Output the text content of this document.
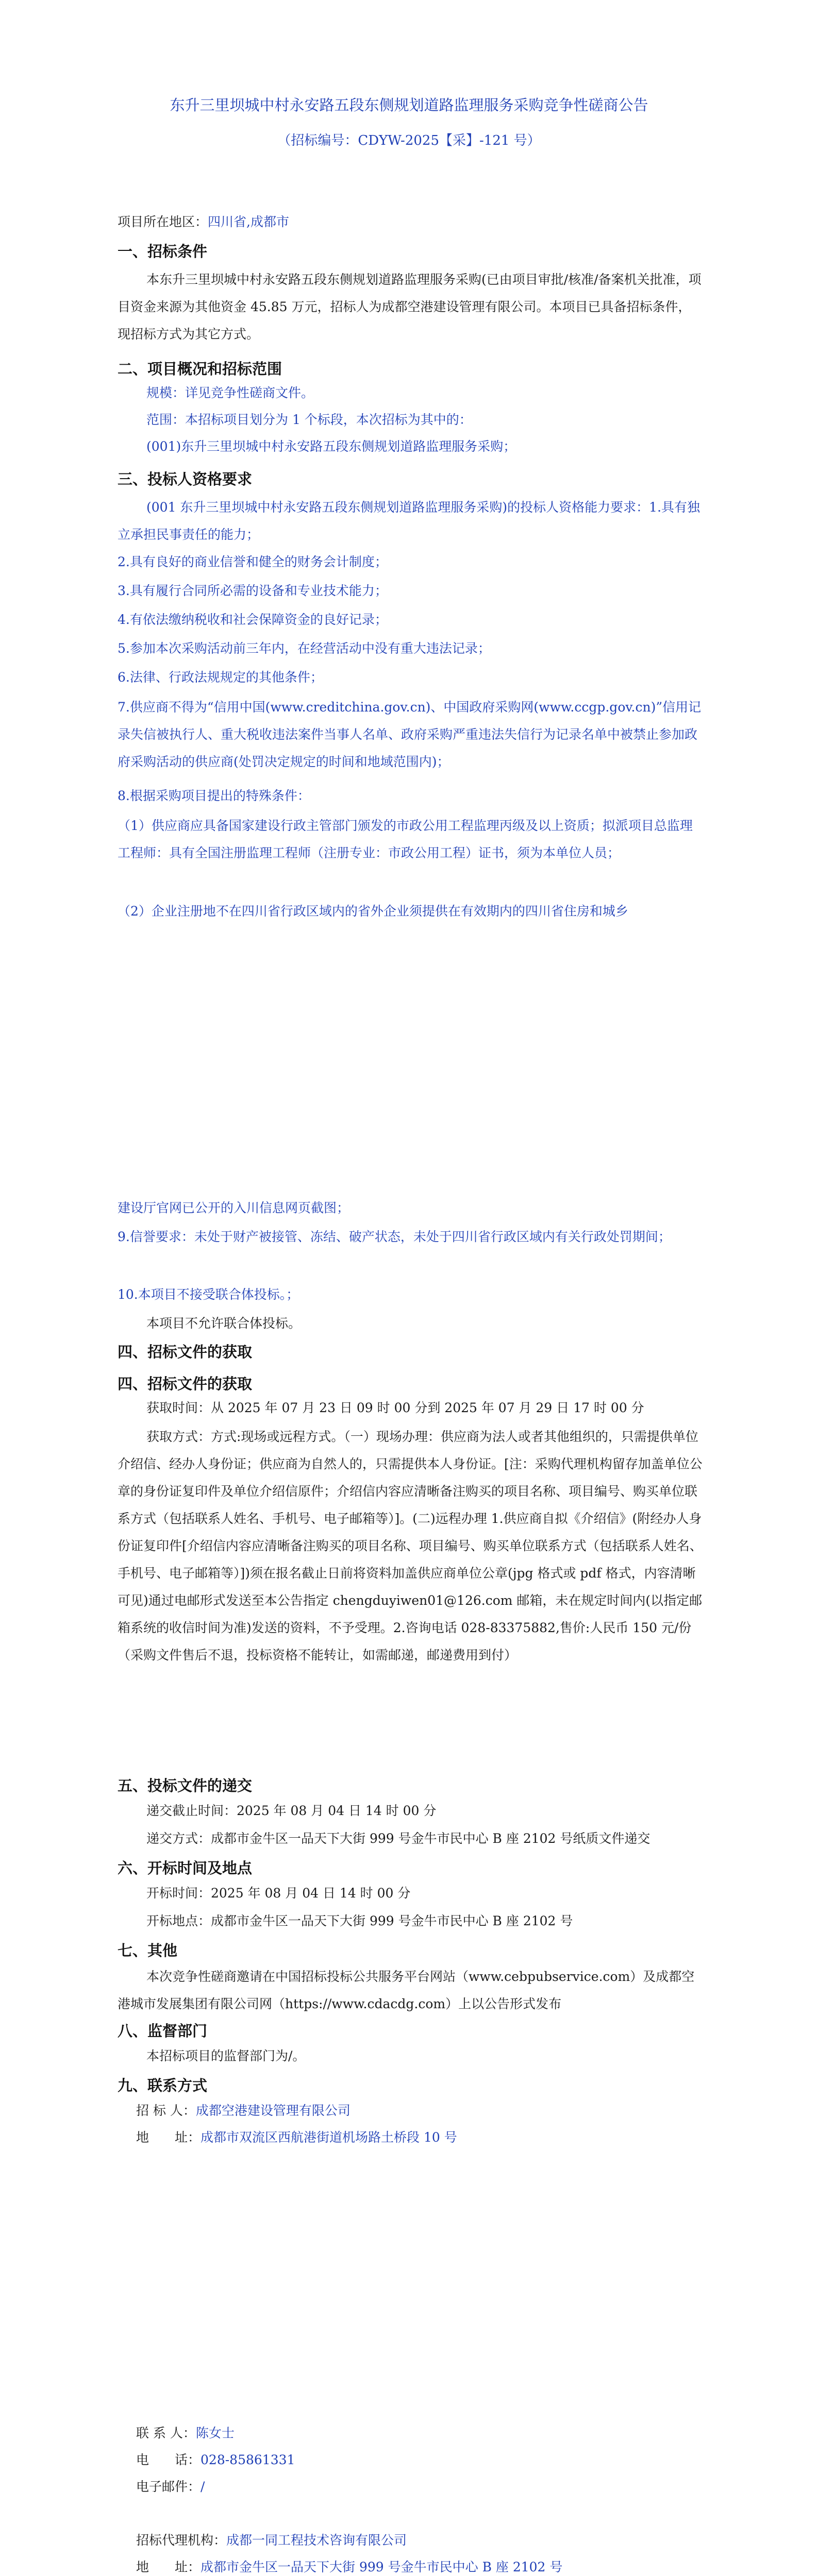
东升三里坝城中村永安路五段东侧规划道路监理服务采购竞争性磋商公告
（招标编号：CDYW-2025【采】-121 号）
项目所在地区：四川省,成都市
一、招标条件
本东升三里坝城中村永安路五段东侧规划道路监理服务采购(已由项目审批/核准/备案机关批准，项目资金来源为其他资金 45.85 万元，招标人为成都空港建设管理有限公司。本项目已具备招标条件，现招标方式为其它方式。
二、项目概况和招标范围
规模：详见竞争性磋商文件。
范围：本招标项目划分为 1 个标段，本次招标为其中的：
(001)东升三里坝城中村永安路五段东侧规划道路监理服务采购；
三、投标人资格要求
(001 东升三里坝城中村永安路五段东侧规划道路监理服务采购)的投标人资格能力要求：1.具有独立承担民事责任的能力；
2.具有良好的商业信誉和健全的财务会计制度；
3.具有履行合同所必需的设备和专业技术能力；
4.有依法缴纳税收和社会保障资金的良好记录；
5.参加本次采购活动前三年内，在经营活动中没有重大违法记录；
6.法律、行政法规规定的其他条件；
7.供应商不得为“信用中国(www.creditchina.gov.cn)、中国政府采购网(www.ccgp.gov.cn)”信用记录失信被执行人、重大税收违法案件当事人名单、政府采购严重违法失信行为记录名单中被禁止参加政府采购活动的供应商(处罚决定规定的时间和地域范围内)；
8.根据采购项目提出的特殊条件：
（1）供应商应具备国家建设行政主管部门颁发的市政公用工程监理丙级及以上资质；拟派项目总监理工程师：具有全国注册监理工程师（注册专业：市政公用工程）证书，须为本单位人员；
（2）企业注册地不在四川省行政区域内的省外企业须提供在有效期内的四川省住房和城乡
建设厅官网已公开的入川信息网页截图；
9.信誉要求：未处于财产被接管、冻结、破产状态，未处于四川省行政区域内有关行政处罚期间；
10.本项目不接受联合体投标。；
本项目不允许联合体投标。
四、招标文件的获取
四、招标文件的获取
获取时间：从 2025 年 07 月 23 日 09 时 00 分到 2025 年 07 月 29 日 17 时 00 分
获取方式：方式:现场或远程方式。（一）现场办理：供应商为法人或者其他组织的，只需提供单位介绍信、经办人身份证；供应商为自然人的，只需提供本人身份证。[注：采购代理机构留存加盖单位公章的身份证复印件及单位介绍信原件；介绍信内容应清晰备注购买的项目名称、项目编号、购买单位联系方式（包括联系人姓名、手机号、电子邮箱等）]。(二)远程办理 1.供应商自拟《介绍信》(附经办人身份证复印件[介绍信内容应清晰备注购买的项目名称、项目编号、购买单位联系方式（包括联系人姓名、手机号、电子邮箱等）])须在报名截止日前将资料加盖供应商单位公章(jpg 格式或 pdf 格式，内容清晰可见)通过电邮形式发送至本公告指定 chengduyiwen01@126.com 邮箱，未在规定时间内(以指定邮箱系统的收信时间为准)发送的资料，不予受理。2.咨询电话 028-83375882,售价:人民币 150 元/份（采购文件售后不退，投标资格不能转让，如需邮递，邮递费用到付）
五、投标文件的递交
递交截止时间：2025 年 08 月 04 日 14 时 00 分
递交方式：成都市金牛区一品天下大街 999 号金牛市民中心 B 座 2102 号纸质文件递交
六、开标时间及地点
开标时间：2025 年 08 月 04 日 14 时 00 分
开标地点：成都市金牛区一品天下大街 999 号金牛市民中心 B 座 2102 号
七、其他
本次竞争性磋商邀请在中国招标投标公共服务平台网站（www.cebpubservice.com）及成都空港城市发展集团有限公司网（https://www.cdacdg.com）上以公告形式发布
八、监督部门
本招标项目的监督部门为/。
九、联系方式
招 标 人：成都空港建设管理有限公司
地　　址：成都市双流区西航港街道机场路土桥段 10 号
联 系 人：陈女士
电　　话：028-85861331
电子邮件：/
招标代理机构：成都一同工程技术咨询有限公司
地　　址：成都市金牛区一品天下大街 999 号金牛市民中心 B 座 2102 号
